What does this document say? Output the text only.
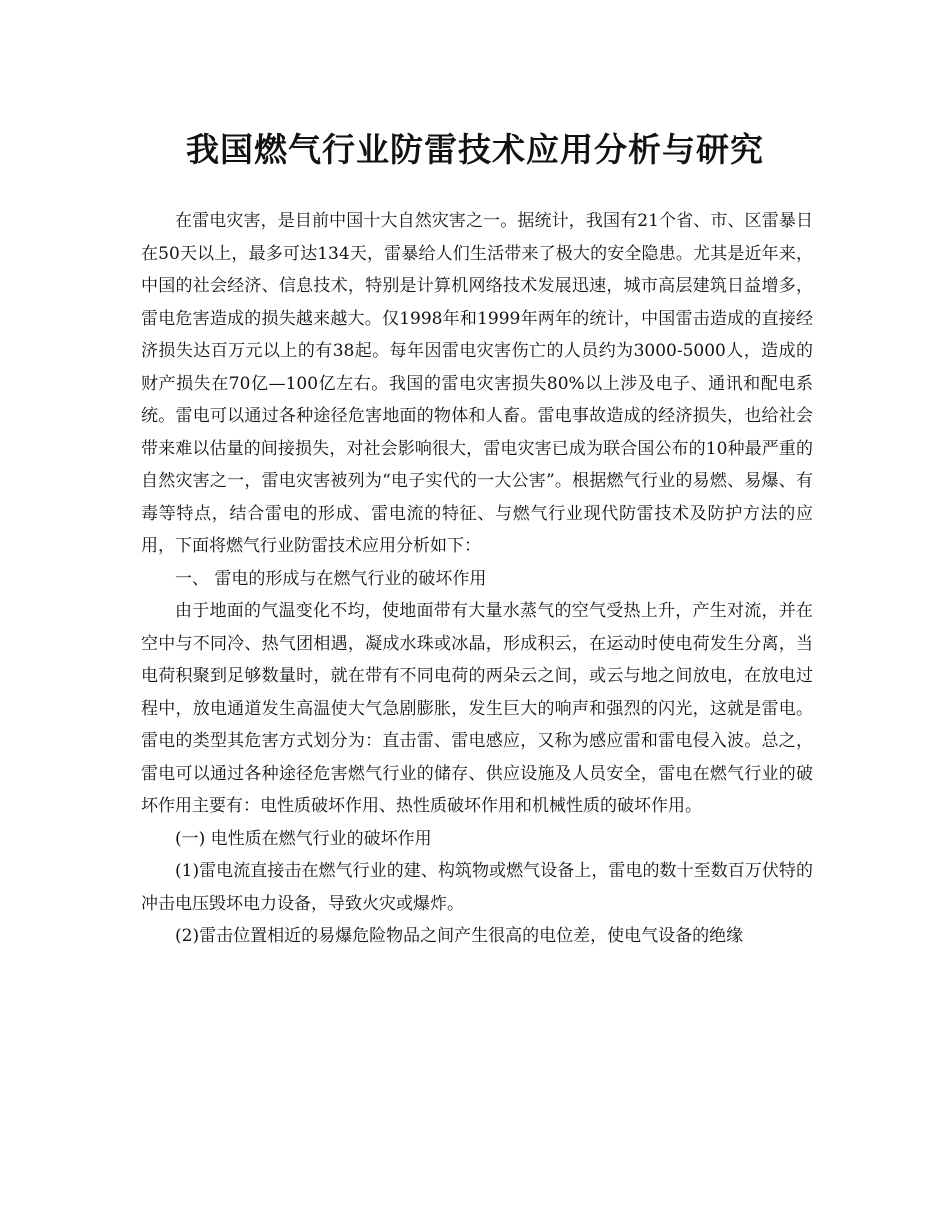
我国燃气行业防雷技术应用分析与研究

在雷电灾害，是目前中国十大自然灾害之一。据统计，我国有21个省、市、区雷暴日在50天以上，最多可达134天，雷暴给人们生活带来了极大的安全隐患。尤其是近年来，中国的社会经济、信息技术，特别是计算机网络技术发展迅速，城市高层建筑日益增多，雷电危害造成的损失越来越大。仅1998年和1999年两年的统计，中国雷击造成的直接经济损失达百万元以上的有38起。每年因雷电灾害伤亡的人员约为3000-5000人，造成的财产损失在70亿—100亿左右。我国的雷电灾害损失80%以上涉及电子、通讯和配电系统。雷电可以通过各种途径危害地面的物体和人畜。雷电事故造成的经济损失，也给社会带来难以估量的间接损失，对社会影响很大，雷电灾害已成为联合国公布的10种最严重的自然灾害之一，雷电灾害被列为“电子实代的一大公害”。根据燃气行业的易燃、易爆、有毒等特点，结合雷电的形成、雷电流的特征、与燃气行业现代防雷技术及防护方法的应用，下面将燃气行业防雷技术应用分析如下：

一、 雷电的形成与在燃气行业的破坏作用

由于地面的气温变化不均，使地面带有大量水蒸气的空气受热上升，产生对流，并在空中与不同冷、热气团相遇，凝成水珠或冰晶，形成积云，在运动时使电荷发生分离，当电荷积聚到足够数量时，就在带有不同电荷的两朵云之间，或云与地之间放电，在放电过程中，放电通道发生高温使大气急剧膨胀，发生巨大的响声和强烈的闪光，这就是雷电。雷电的类型其危害方式划分为：直击雷、雷电感应，又称为感应雷和雷电侵入波。总之，雷电可以通过各种途径危害燃气行业的储存、供应设施及人员安全，雷电在燃气行业的破坏作用主要有：电性质破坏作用、热性质破坏作用和机械性质的破坏作用。

(一) 电性质在燃气行业的破坏作用

(1)雷电流直接击在燃气行业的建、构筑物或燃气设备上，雷电的数十至数百万伏特的冲击电压毁坏电力设备，导致火灾或爆炸。

(2)雷击位置相近的易爆危险物品之间产生很高的电位差，使电气设备的绝缘
